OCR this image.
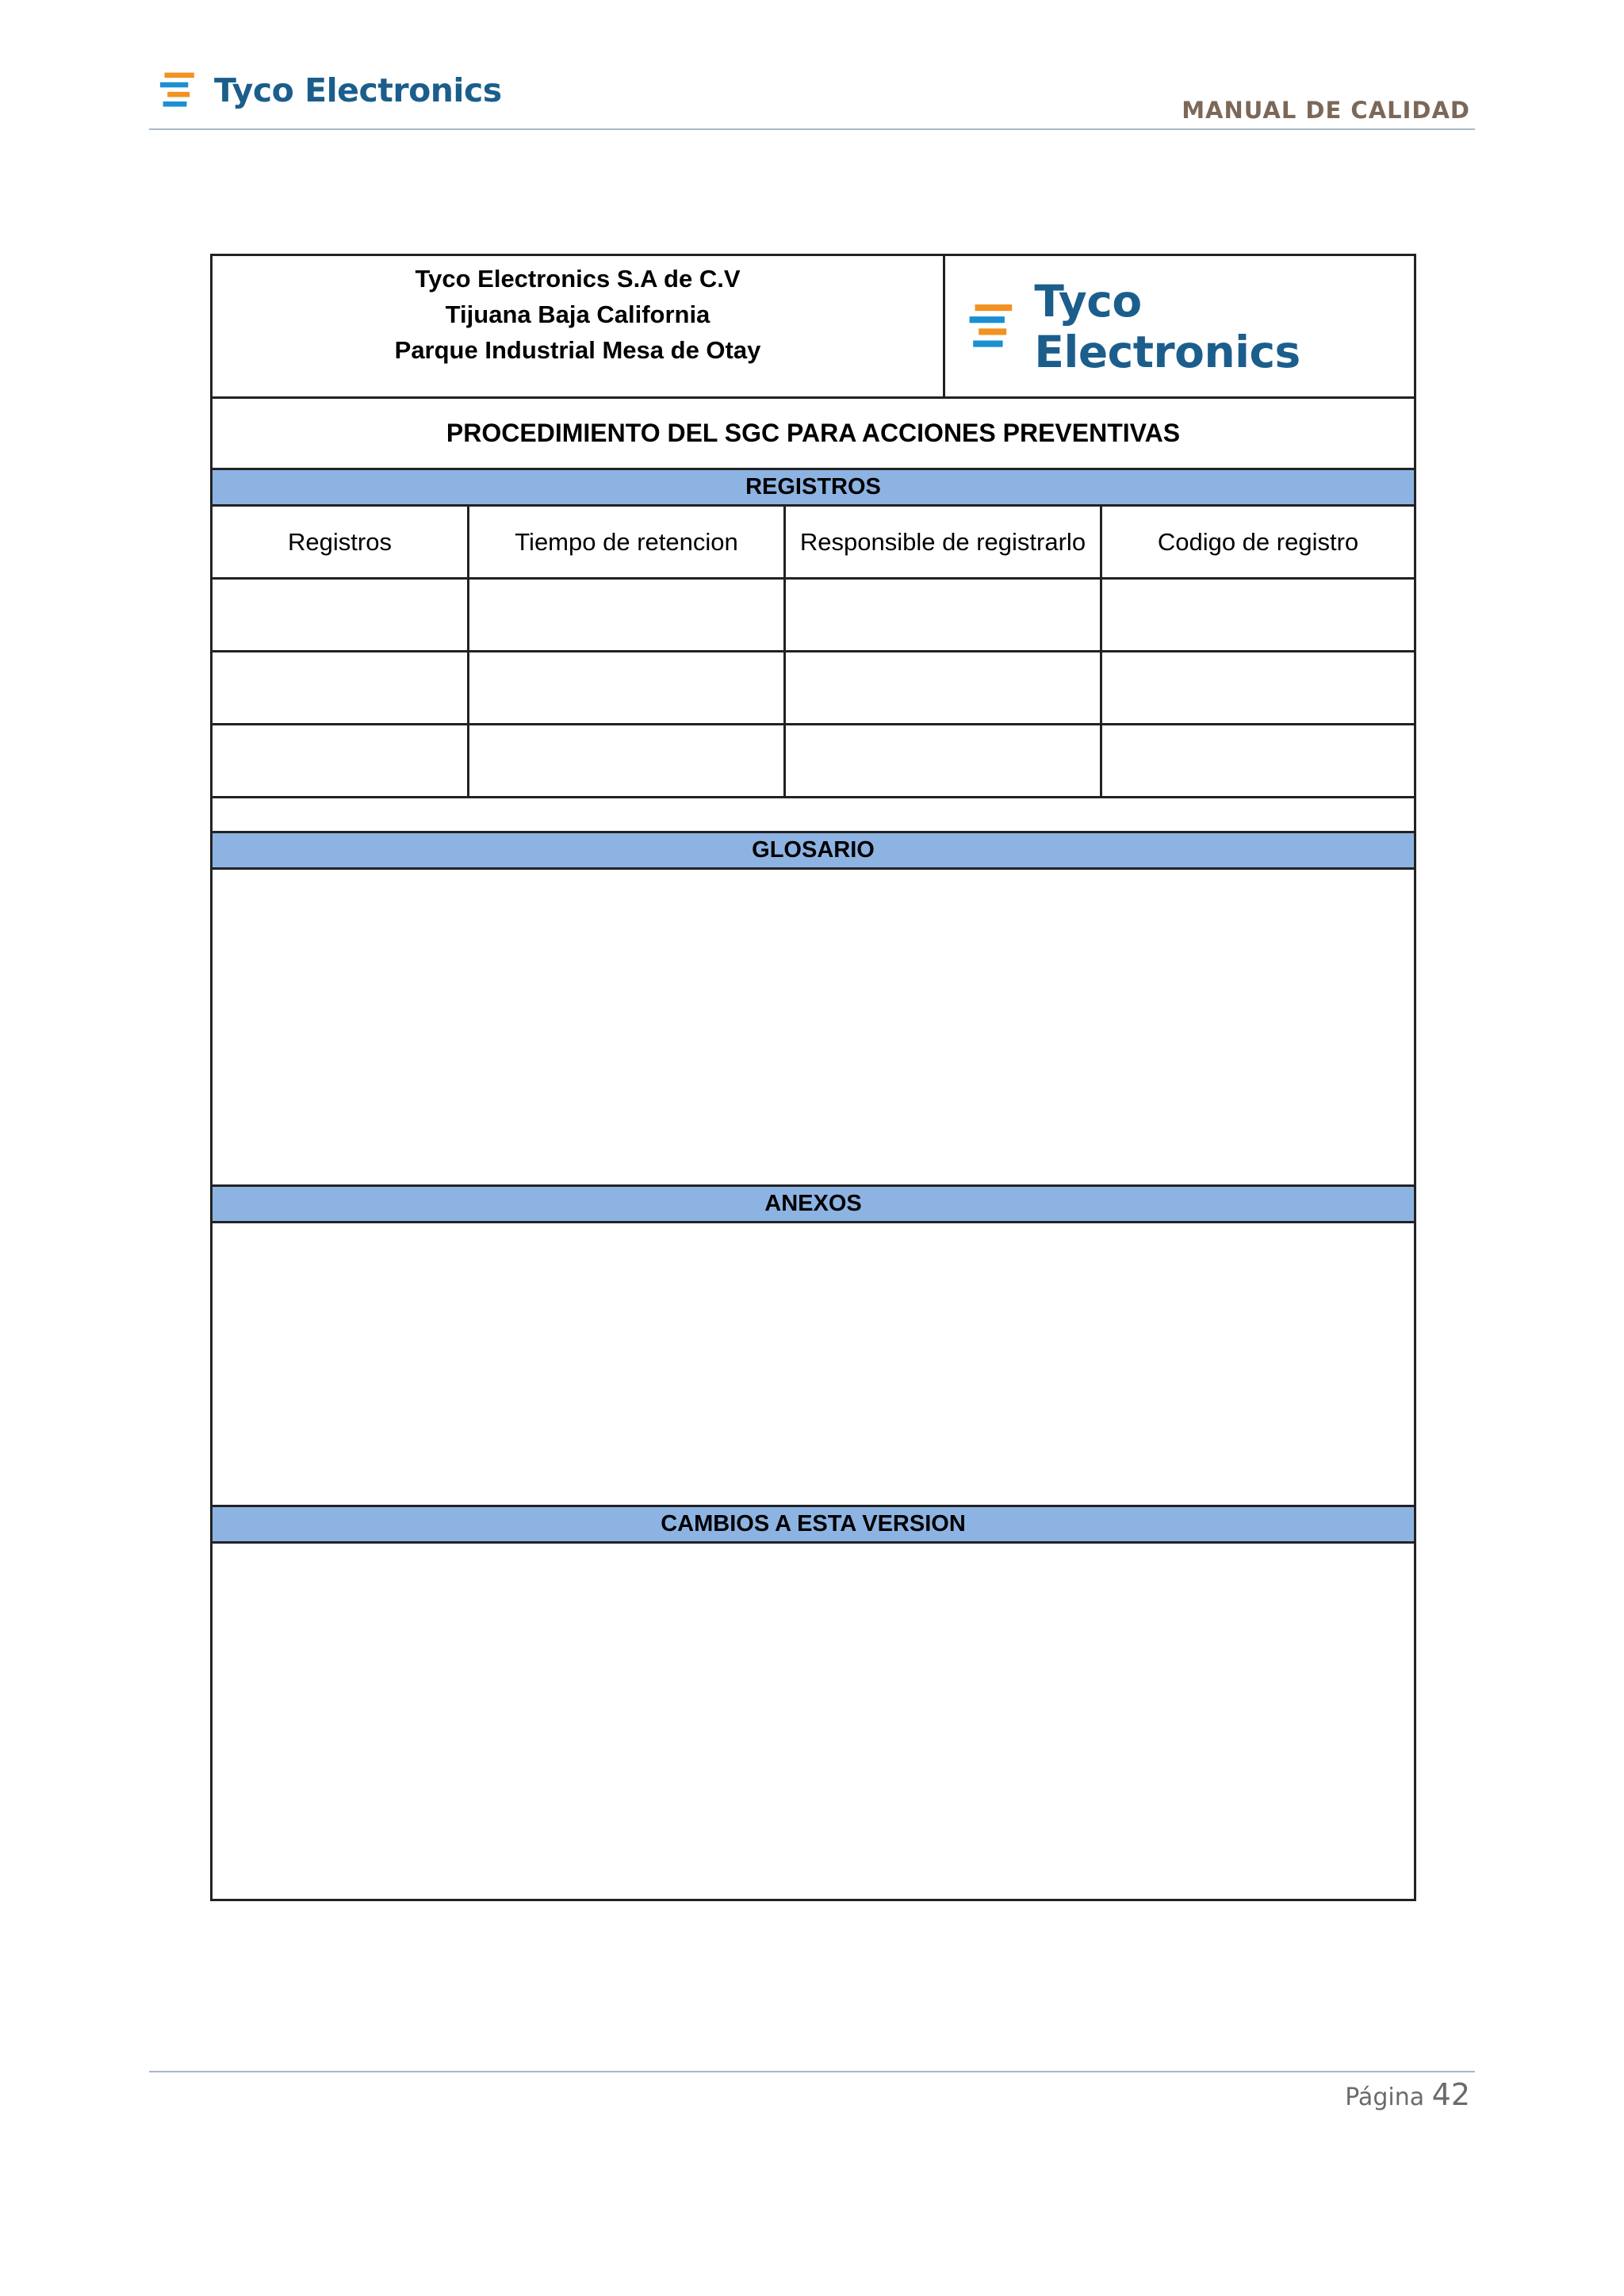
Tyco Electronics
MANUAL DE CALIDAD
Tyco Electronics S.A de C.V
Tijuana Baja California
Parque Industrial Mesa de Otay
Tyco Electronics
PROCEDIMIENTO DEL SGC PARA ACCIONES PREVENTIVAS
REGISTROS
Registros	Tiempo de retencion	Responsible de registrarlo	Codigo de registro
GLOSARIO
ANEXOS
CAMBIOS A ESTA VERSION
Página 42
